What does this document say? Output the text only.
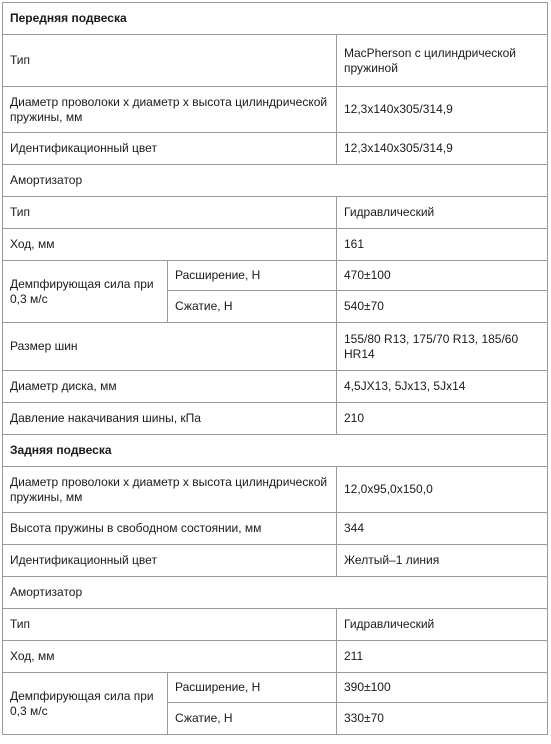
Передняя подвеска		
Тип		MacPherson с цилиндрической пружиной
Диаметр проволоки x диаметр x высота цилиндрической пружины, мм		12,3x140x305/314,9
Идентификационный цвет		12,3x140x305/314,9
Амортизатор		
Тип		Гидравлический
Ход, мм		161
Демпфирующая сила при 0,3 м/с	Расширение, Н	470±100
	Сжатие, Н	540±70
Размер шин		155/80 R13, 175/70 R13, 185/60 HR14
Диаметр диска, мм		4,5JX13, 5Jx13, 5Jx14
Давление накачивания шины, кПа		210
Задняя подвеска		
Диаметр проволоки x диаметр x высота цилиндрической пружины, мм		12,0x95,0x150,0
Высота пружины в свободном состоянии, мм		344
Идентификационный цвет		Желтый–1 линия
Амортизатор		
Тип		Гидравлический
Ход, мм		211
Демпфирующая сила при 0,3 м/с	Расширение, Н	390±100
	Сжатие, Н	330±70
